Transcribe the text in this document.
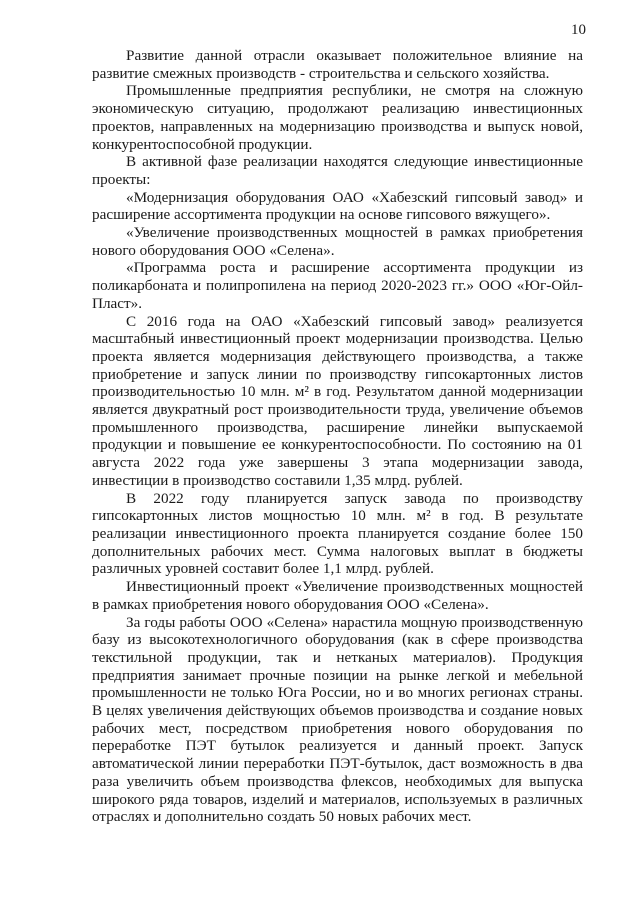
10

Развитие данной отрасли оказывает положительное влияние на развитие смежных производств - строительства и сельского хозяйства.

Промышленные предприятия республики, не смотря на сложную экономическую ситуацию, продолжают реализацию инвестиционных проектов, направленных на модернизацию производства и выпуск новой, конкурентоспособной продукции.

В активной фазе реализации находятся следующие инвестиционные проекты:

«Модернизация оборудования ОАО «Хабезский гипсовый завод» и расширение ассортимента продукции на основе гипсового вяжущего».

«Увеличение производственных мощностей в рамках приобретения нового оборудования ООО «Селена».

«Программа роста и расширение ассортимента продукции из поликарбоната и полипропилена на период 2020-2023 гг.» ООО «Юг-Ойл-Пласт».

С 2016 года на ОАО «Хабезский гипсовый завод» реализуется масштабный инвестиционный проект модернизации производства. Целью проекта является модернизация действующего производства, а также приобретение и запуск линии по производству гипсокартонных листов производительностью 10 млн. м² в год. Результатом данной модернизации является двукратный рост производительности труда, увеличение объемов промышленного производства, расширение линейки выпускаемой продукции и повышение ее конкурентоспособности. По состоянию на 01 августа 2022 года уже завершены 3 этапа модернизации завода, инвестиции в производство составили 1,35 млрд. рублей.

В 2022 году планируется запуск завода по производству гипсокартонных листов мощностью 10 млн. м² в год. В результате реализации инвестиционного проекта планируется создание более 150 дополнительных рабочих мест. Сумма налоговых выплат в бюджеты различных уровней составит более 1,1 млрд. рублей.

Инвестиционный проект «Увеличение производственных мощностей в рамках приобретения нового оборудования ООО «Селена».

За годы работы ООО «Селена» нарастила мощную производственную базу из высокотехнологичного оборудования (как в сфере производства текстильной продукции, так и нетканых материалов). Продукция предприятия занимает прочные позиции на рынке легкой и мебельной промышленности не только Юга России, но и во многих регионах страны. В целях увеличения действующих объемов производства и создание новых рабочих мест, посредством приобретения нового оборудования по переработке ПЭТ бутылок реализуется и данный проект. Запуск автоматической линии переработки ПЭТ-бутылок, даст возможность в два раза увеличить объем производства флексов, необходимых для выпуска широкого ряда товаров, изделий и материалов, используемых в различных отраслях и дополнительно создать 50 новых рабочих мест.
